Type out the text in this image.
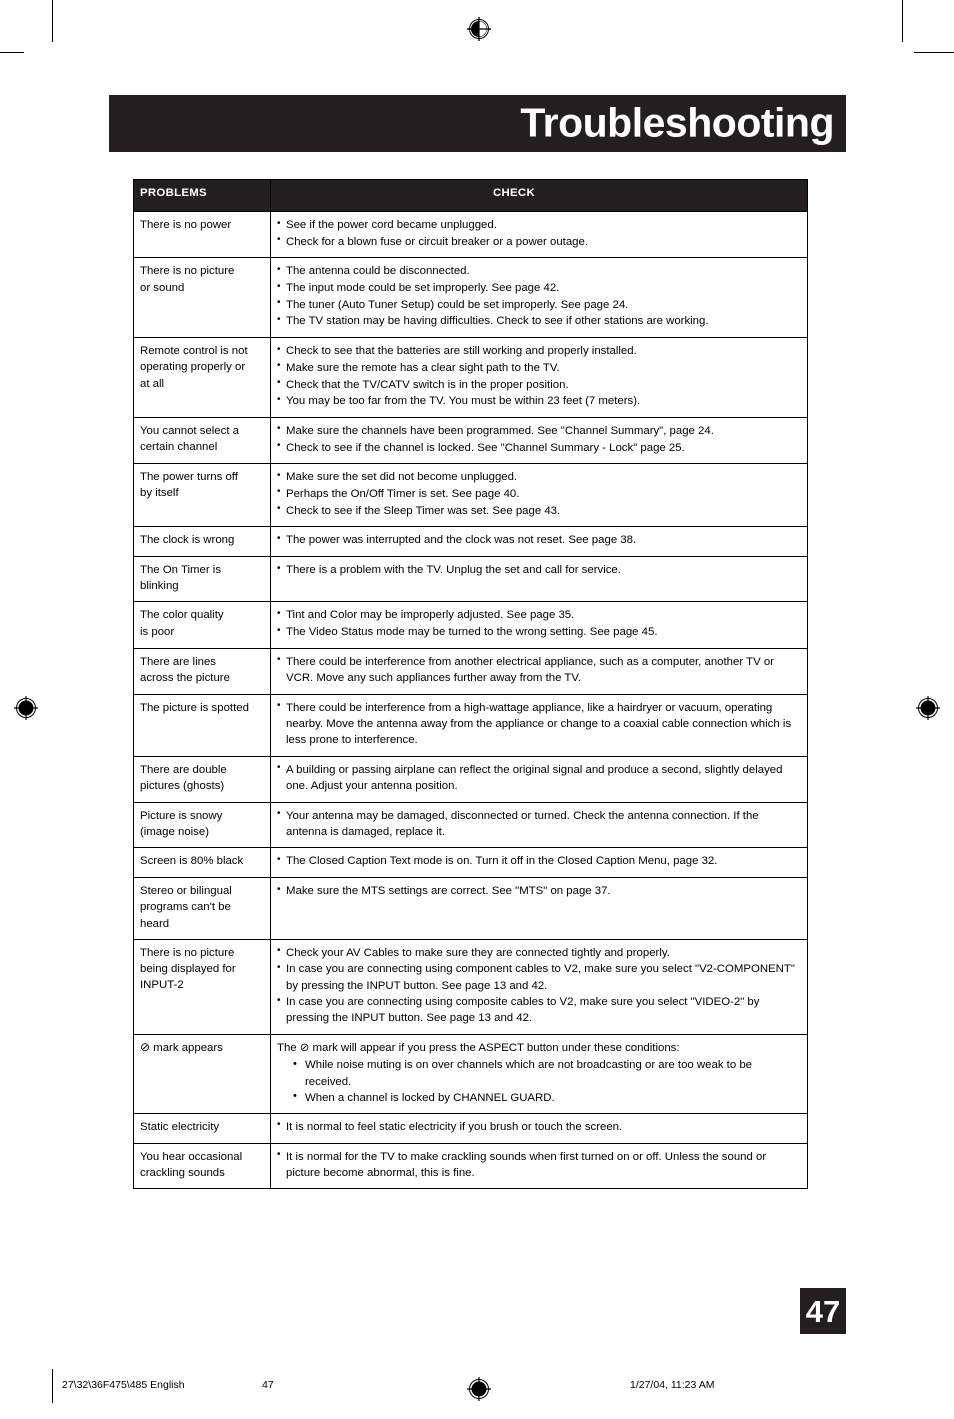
Troubleshooting
PROBLEMS	CHECK

There is no power

•See if the power cord became unplugged.
• Check for a blown fuse or circuit breaker or a power outage.

There is no picture
or sound

• The antenna could be disconnected.
• The input mode could be set improperly. See page 42.
• The tuner (Auto Tuner Setup) could be set improperly. See page 24.
• The TV station may be having difficulties. Check to see if other stations are working.

Remote control is not
operating properly or
at all

• Check to see that the batteries are still working and properly installed.
• Make sure the remote has a clear sight path to the TV.
• Check that the TV/CATV switch is in the proper position.
• You may be too far from the TV. You must be within 23 feet (7 meters).

You cannot select a
certain channel

• Make sure the channels have been programmed. See "Channel Summary", page 24.
• Check to see if the channel is locked. See "Channel Summary - Lock" page 25.

The power turns off
by itself

• Make sure the set did not become unplugged.
• Perhaps the On/Off Timer is set. See page 40.
• Check to see if the Sleep Timer was set. See page 43.

The clock is wrong

•The power was interrupted and the clock was not reset. See page 38.

The On Timer is
blinking

• There is a problem with the TV. Unplug the set and call for service.

The color quality
is poor

• Tint and Color may be improperly adjusted. See page 35.
• The Video Status mode may be turned to the wrong setting. See page 45.

There are lines
across the picture

• There could be interference from another electrical appliance, such as a computer, another TV or VCR. Move any such appliances further away from the TV.

The picture is spotted

•There could be interference from a high-wattage appliance, like a hairdryer or vacuum, operating nearby. Move the antenna away from the appliance or change to a coaxial cable connection which is less prone to interference.

There are double
pictures (ghosts)

• A building or passing airplane can reflect the original signal and produce a second, slightly delayed one. Adjust your antenna position.

Picture is snowy
(image noise)

• Your antenna may be damaged, disconnected or turned. Check the antenna connection. If the antenna is damaged, replace it.

Screen is 80% black

•The Closed Caption Text mode is on. Turn it off in the Closed Caption Menu, page 32.

Stereo or bilingual
programs can't be
heard

• Make sure the MTS settings are correct. See "MTS" on page 37.

There is no picture
being displayed for
INPUT-2

• Check your AV Cables to make sure they are connected tightly and properly.
• In case you are connecting using component cables to V2, make sure you select "V2-COMPONENT" by pressing the INPUT button. See page 13 and 42.
• In case you are connecting using composite cables to V2, make sure you select "VIDEO-2" by pressing the INPUT button. See page 13 and 42.

⊘ mark appears	The ⊘ mark will appear if you press the ASPECT button under these conditions:
• While noise muting is on over channels which are not broadcasting or are too weak to be received.
• When a channel is locked by CHANNEL GUARD.

Static electricity

•It is normal to feel static electricity if you brush or touch the screen.

You hear occasional
crackling sounds

• It is normal for the TV to make crackling sounds when first turned on or off. Unless the sound or picture become abnormal, this is fine.
47
27\32\36F475\485 English	47	1/27/04, 11:23 AM
